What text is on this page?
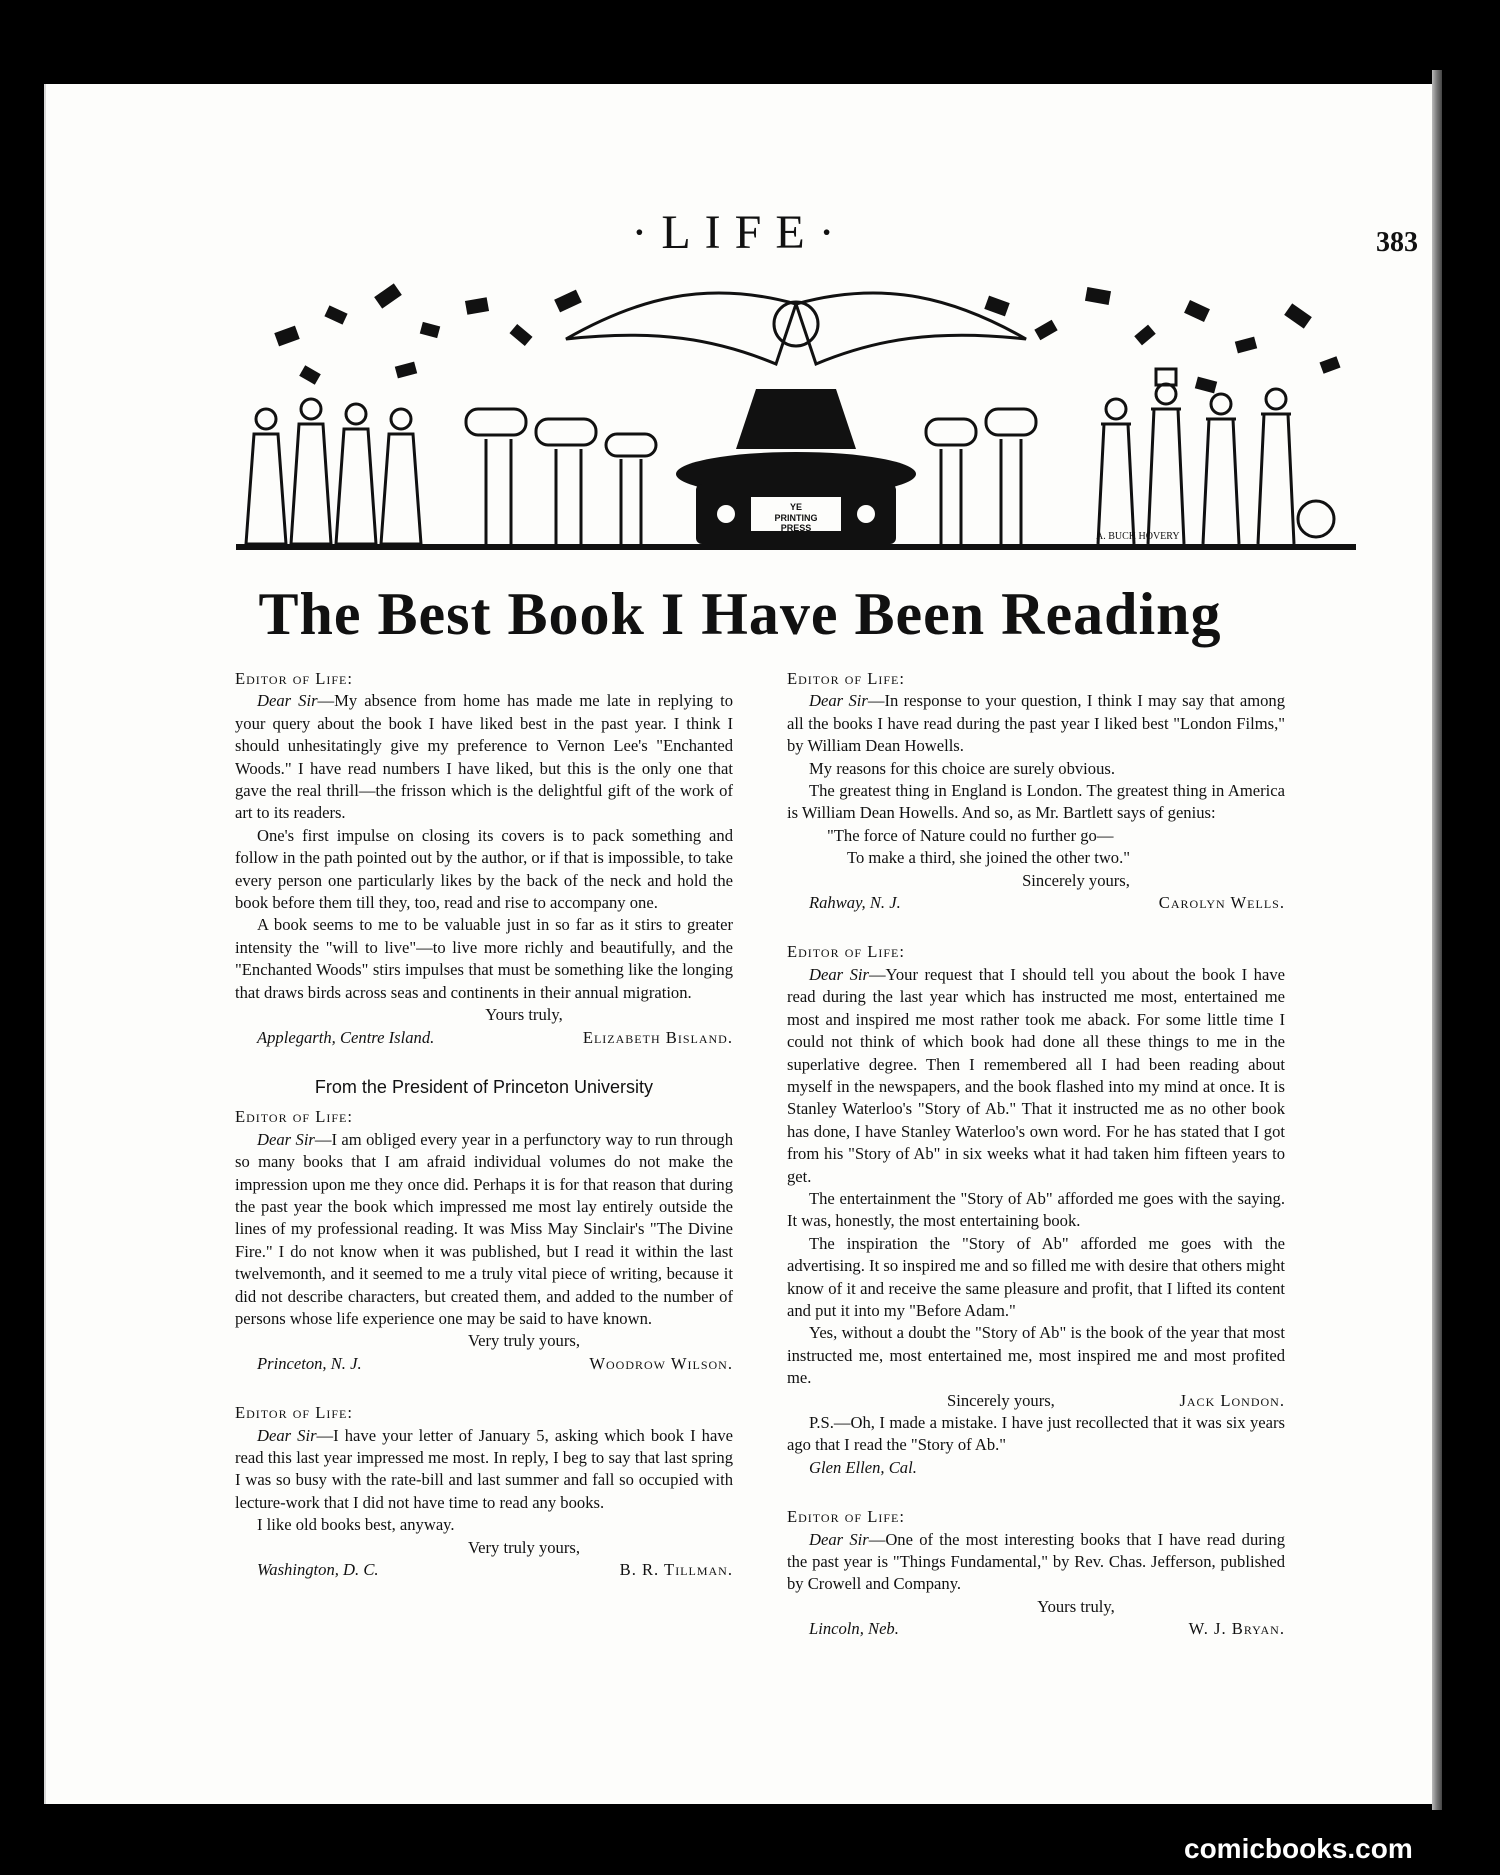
·LIFE·	383
YE
PRINTING
PRESS
A. BUCK HOVERY
The Best Book I Have Been Reading
Editor of Life:

Dear Sir—My absence from home has made me late in replying to your query about the book I have liked best in the past year. I think I should unhesitatingly give my preference to Vernon Lee's "Enchanted Woods." I have read numbers I have liked, but this is the only one that gave the real thrill—the frisson which is the delightful gift of the work of art to its readers.

One's first impulse on closing its covers is to pack something and follow in the path pointed out by the author, or if that is impossible, to take every person one particularly likes by the back of the neck and hold the book before them till they, too, read and rise to accompany one.

A book seems to me to be valuable just in so far as it stirs to greater intensity the "will to live"—to live more richly and beautifully, and the "Enchanted Woods" stirs impulses that must be something like the longing that draws birds across seas and continents in their annual migration.

Yours truly,

Applegarth, Centre Island.	Elizabeth Bisland.

From the President of Princeton University

Editor of Life:

Dear Sir—I am obliged every year in a perfunctory way to run through so many books that I am afraid individual volumes do not make the impression upon me they once did. Perhaps it is for that reason that during the past year the book which impressed me most lay entirely outside the lines of my professional reading. It was Miss May Sinclair's "The Divine Fire." I do not know when it was published, but I read it within the last twelvemonth, and it seemed to me a truly vital piece of writing, because it did not describe characters, but created them, and added to the number of persons whose life experience one may be said to have known.

Very truly yours,

Princeton, N. J.	Woodrow Wilson.
Editor of Life:

Dear Sir—I have your letter of January 5, asking which book I have read this last year impressed me most. In reply, I beg to say that last spring I was so busy with the rate-bill and last summer and fall so occupied with lecture-work that I did not have time to read any books.

I like old books best, anyway.

Very truly yours,

Washington, D. C.	B. R. Tillman.
Editor of Life:

Dear Sir—In response to your question, I think I may say that among all the books I have read during the past year I liked best "London Films," by William Dean Howells.

My reasons for this choice are surely obvious.

The greatest thing in England is London. The greatest thing in America is William Dean Howells. And so, as Mr. Bartlett says of genius:

"The force of Nature could no further go—

To make a third, she joined the other two."

Sincerely yours,

Rahway, N. J.	Carolyn Wells.
Editor of Life:

Dear Sir—Your request that I should tell you about the book I have read during the last year which has instructed me most, entertained me most and inspired me most rather took me aback. For some little time I could not think of which book had done all these things to me in the superlative degree. Then I remembered all I had been reading about myself in the newspapers, and the book flashed into my mind at once. It is Stanley Waterloo's "Story of Ab." That it instructed me as no other book has done, I have Stanley Waterloo's own word. For he has stated that I got from his "Story of Ab" in six weeks what it had taken him fifteen years to get.

The entertainment the "Story of Ab" afforded me goes with the saying. It was, honestly, the most entertaining book.

The inspiration the "Story of Ab" afforded me goes with the advertising. It so inspired me and so filled me with desire that others might know of it and receive the same pleasure and profit, that I lifted its content and put it into my "Before Adam."

Yes, without a doubt the "Story of Ab" is the book of the year that most instructed me, most entertained me, most inspired me and most profited me.

Sincerely yours,	Jack London.

P.S.—Oh, I made a mistake. I have just recollected that it was six years ago that I read the "Story of Ab."

Glen Ellen, Cal.
Editor of Life:

Dear Sir—One of the most interesting books that I have read during the past year is "Things Fundamental," by Rev. Chas. Jefferson, published by Crowell and Company.

Yours truly,

Lincoln, Neb.	W. J. Bryan.
comicbooks.com
